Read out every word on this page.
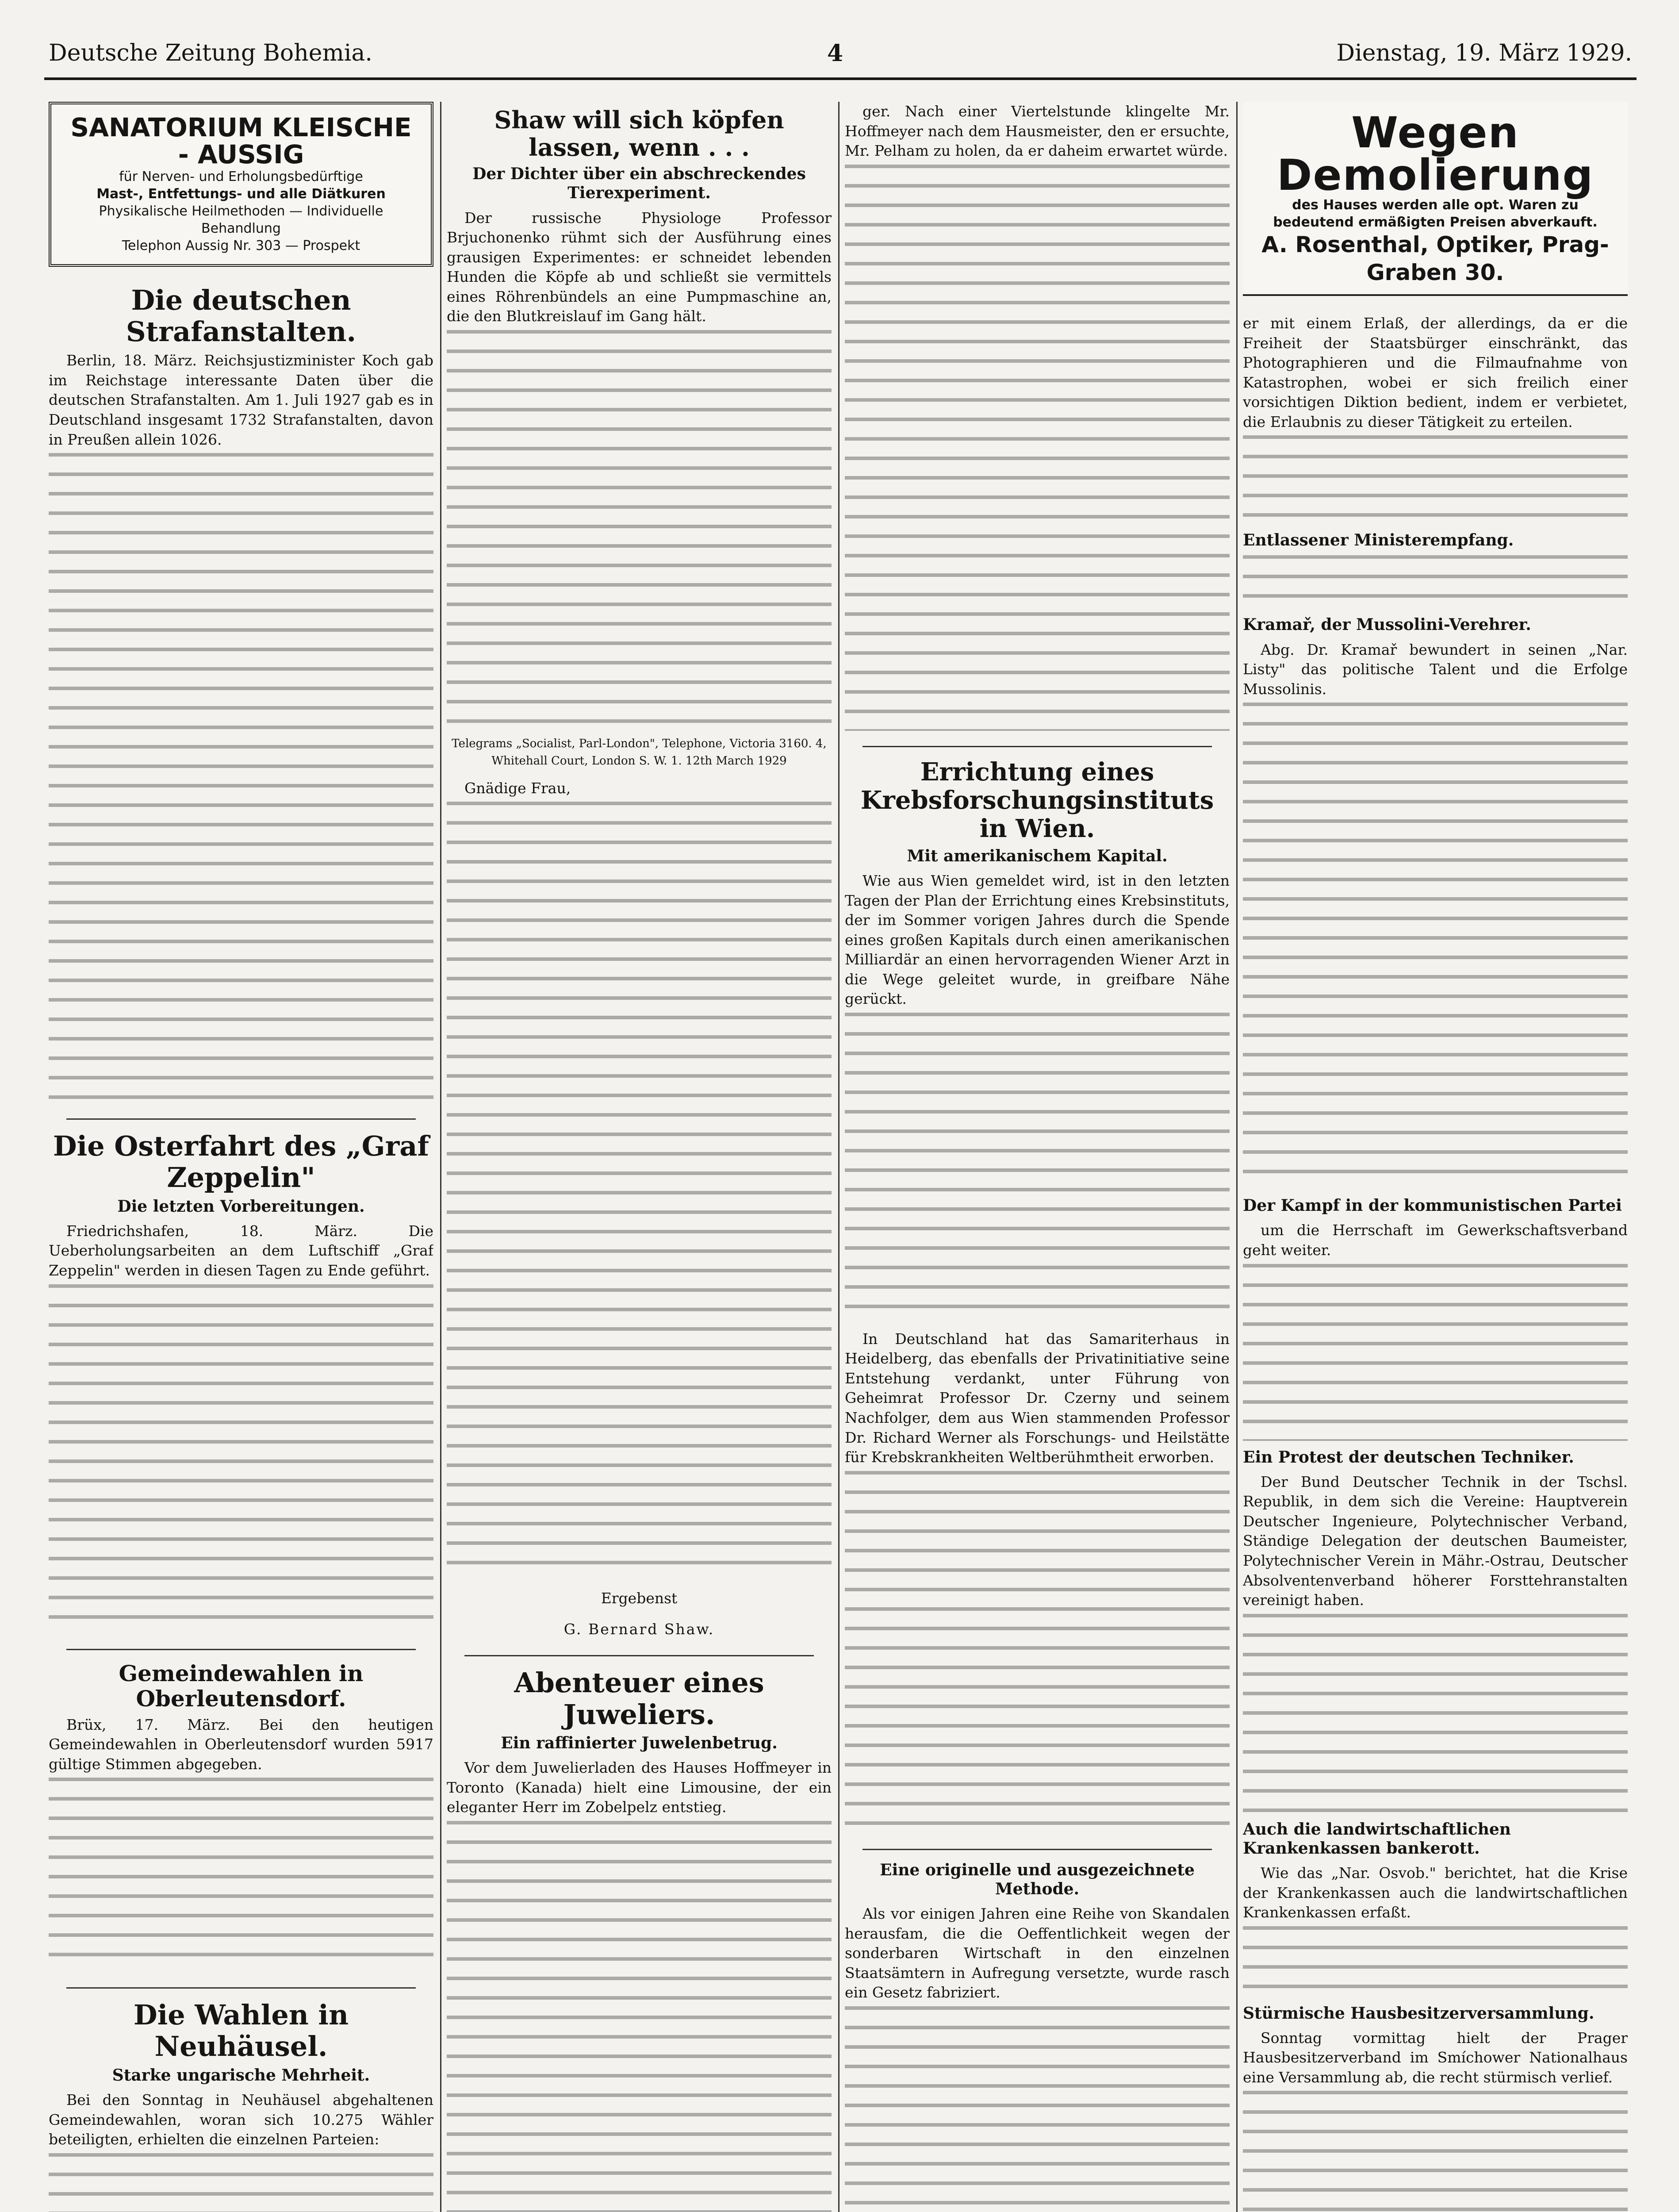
Deutsche Zeitung Bohemia.	4	Dienstag, 19. März 1929.
SANATORIUM KLEISCHE - AUSSIG
für Nerven- und Erholungsbedürftige
Mast-, Entfettungs- und alle Diätkuren
Physikalische Heilmethoden — Individuelle Behandlung
Telephon Aussig Nr. 303 — Prospekt
Die deutschen Strafanstalten.

Berlin, 18. März. Reichsjustizminister Koch gab im Reichstage interessante Daten über die deutschen Strafanstalten. Am 1. Juli 1927 gab es in Deutschland insgesamt 1732 Strafanstalten, davon in Preußen allein 1026.

Die Osterfahrt des „Graf Zeppelin"
Die letzten Vorbereitungen.

Friedrichshafen, 18. März. Die Ueberholungsarbeiten an dem Luftschiff „Graf Zeppelin" werden in diesen Tagen zu Ende geführt.

Gemeindewahlen in Oberleutensdorf.

Brüx, 17. März. Bei den heutigen Gemeindewahlen in Oberleutensdorf wurden 5917 gültige Stimmen abgegeben.

Die Wahlen in Neuhäusel.
Starke ungarische Mehrheit.

Bei den Sonntag in Neuhäusel abgehaltenen Gemeindewahlen, woran sich 10.275 Wähler beteiligten, erhielten die einzelnen Parteien:

Shaw will sich köpfen lassen, wenn . . .
Der Dichter über ein abschreckendes Tierexperiment.

Der russische Physiologe Professor Brjuchonenko rühmt sich der Ausführung eines grausigen Experimentes: er schneidet lebenden Hunden die Köpfe ab und schließt sie vermittels eines Röhrenbündels an eine Pumpmaschine an, die den Blutkreislauf im Gang hält.

Telegrams „Socialist, Parl-London", Telephone, Victoria 3160. 4, Whitehall Court, London S. W. 1. 12th March 1929

Gnädige Frau,

Ergebenst

G. Bernard Shaw.

Abenteuer eines Juweliers.
Ein raffinierter Juwelenbetrug.

Vor dem Juwelierladen des Hauses Hoffmeyer in Toronto (Kanada) hielt eine Limousine, der ein eleganter Herr im Zobelpelz entstieg.

ger. Nach einer Viertelstunde klingelte Mr. Hoffmeyer nach dem Hausmeister, den er ersuchte, Mr. Pelham zu holen, da er daheim erwartet würde.

Errichtung eines Krebsforschungsinstituts in Wien.
Mit amerikanischem Kapital.

Wie aus Wien gemeldet wird, ist in den letzten Tagen der Plan der Errichtung eines Krebsinstituts, der im Sommer vorigen Jahres durch die Spende eines großen Kapitals durch einen amerikanischen Milliardär an einen hervorragenden Wiener Arzt in die Wege geleitet wurde, in greifbare Nähe gerückt.

In Deutschland hat das Samariterhaus in Heidelberg, das ebenfalls der Privatinitiative seine Entstehung verdankt, unter Führung von Geheimrat Professor Dr. Czerny und seinem Nachfolger, dem aus Wien stammenden Professor Dr. Richard Werner als Forschungs- und Heilstätte für Krebskrankheiten Weltberühmtheit erworben.

Eine originelle und ausgezeichnete Methode.

Als vor einigen Jahren eine Reihe von Skandalen herausfam, die die Oeffentlichkeit wegen der sonderbaren Wirtschaft in den einzelnen Staatsämtern in Aufregung versetzte, wurde rasch ein Gesetz fabriziert.

Wegen Demolierung
des Hauses werden alle opt. Waren zu bedeutend ermäßigten Preisen abverkauft.
A. Rosenthal, Optiker, Prag-Graben 30.

er mit einem Erlaß, der allerdings, da er die Freiheit der Staatsbürger einschränkt, das Photographieren und die Filmaufnahme von Katastrophen, wobei er sich freilich einer vorsichtigen Diktion bedient, indem er verbietet, die Erlaubnis zu dieser Tätigkeit zu erteilen.

Entlassener Ministerempfang.
Kramař, der Mussolini-Verehrer.

Abg. Dr. Kramař bewundert in seinen „Nar. Listy" das politische Talent und die Erfolge Mussolinis.

Der Kampf in der kommunistischen Partei

um die Herrschaft im Gewerkschaftsverband geht weiter.

Ein Protest der deutschen Techniker.

Der Bund Deutscher Technik in der Tschsl. Republik, in dem sich die Vereine: Hauptverein Deutscher Ingenieure, Polytechnischer Verband, Ständige Delegation der deutschen Baumeister, Polytechnischer Verein in Mähr.-Ostrau, Deutscher Absolventenverband höherer Forsttehranstalten vereinigt haben.

Auch die landwirtschaftlichen Krankenkassen bankerott.

Wie das „Nar. Osvob." berichtet, hat die Krise der Krankenkassen auch die landwirtschaftlichen Krankenkassen erfaßt.

Stürmische Hausbesitzerversammlung.

Sonntag vormittag hielt der Prager Hausbesitzerverband im Smíchower Nationalhaus eine Versammlung ab, die recht stürmisch verlief.
